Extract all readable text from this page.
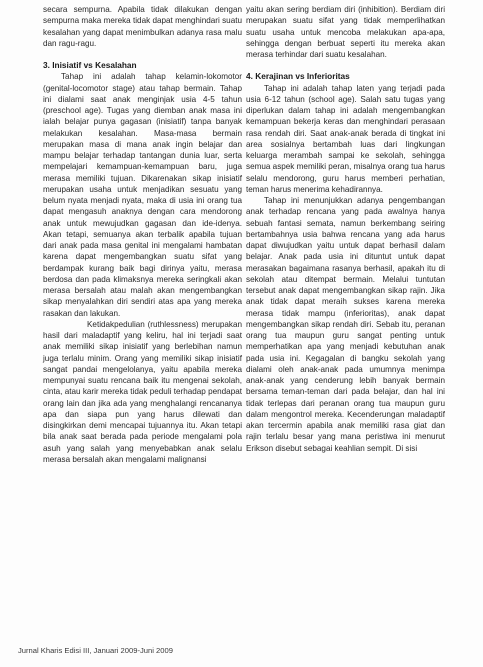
secara sempurna. Apabila tidak dilakukan dengan sempurna maka mereka tidak dapat menghindari suatu kesalahan yang dapat menimbulkan adanya rasa malu dan ragu-ragu.

3. Inisiatif vs Kesalahan

Tahap ini adalah tahap kelamin-lokomotor (genital-locomotor stage) atau tahap bermain. Tahap ini dialami saat anak menginjak usia 4-5 tahun (preschool age). Tugas yang diemban anak masa ini ialah belajar punya gagasan (inisiatif) tanpa banyak melakukan kesalahan. Masa-masa bermain merupakan masa di mana anak ingin belajar dan mampu belajar terhadap tantangan dunia luar, serta mempelajari kemampuan-kemampuan baru, juga merasa memiliki tujuan. Dikarenakan sikap inisiatif merupakan usaha untuk menjadikan sesuatu yang belum nyata menjadi nyata, maka di usia ini orang tua dapat mengasuh anaknya dengan cara mendorong anak untuk mewujudkan gagasan dan ide-idenya. Akan tetapi, semuanya akan terbalik apabila tujuan dari anak pada masa genital ini mengalami hambatan karena dapat mengembangkan suatu sifat yang berdampak kurang baik bagi dirinya yaitu, merasa berdosa dan pada klimaksnya mereka seringkali akan merasa bersalah atau malah akan mengembangkan sikap menyalahkan diri sendiri atas apa yang mereka rasakan dan lakukan.

Ketidakpedulian (ruthlessness) merupakan hasil dari maladaptif yang keliru, hal ini terjadi saat anak memiliki sikap inisiatif yang berlebihan namun juga terlalu minim. Orang yang memiliki sikap inisiatif sangat pandai mengelolanya, yaitu apabila mereka mempunyai suatu rencana baik itu mengenai sekolah, cinta, atau karir mereka tidak peduli terhadap pendapat orang lain dan jika ada yang menghalangi rencananya apa dan siapa pun yang harus dilewati dan disingkirkan demi mencapai tujuannya itu. Akan tetapi bila anak saat berada pada periode mengalami pola asuh yang salah yang menyebabkan anak selalu merasa bersalah akan mengalami malignansi

yaitu akan sering berdiam diri (inhibition). Berdiam diri merupakan suatu sifat yang tidak memperlihatkan suatu usaha untuk mencoba melakukan apa-apa, sehingga dengan berbuat seperti itu mereka akan merasa terhindar dari suatu kesalahan.

4. Kerajinan vs Inferioritas

Tahap ini adalah tahap laten yang terjadi pada usia 6-12 tahun (school age). Salah satu tugas yang diperlukan dalam tahap ini adalah mengembangkan kemampuan bekerja keras dan menghindari perasaan rasa rendah diri. Saat anak-anak berada di tingkat ini area sosialnya bertambah luas dari lingkungan keluarga merambah sampai ke sekolah, sehingga semua aspek memiliki peran, misalnya orang tua harus selalu mendorong, guru harus memberi perhatian, teman harus menerima kehadirannya.

Tahap ini menunjukkan adanya pengembangan anak terhadap rencana yang pada awalnya hanya sebuah fantasi semata, namun berkembang seiring bertambahnya usia bahwa rencana yang ada harus dapat diwujudkan yaitu untuk dapat berhasil dalam belajar. Anak pada usia ini dituntut untuk dapat merasakan bagaimana rasanya berhasil, apakah itu di sekolah atau ditempat bermain. Melalui tuntutan tersebut anak dapat mengembangkan sikap rajin. Jika anak tidak dapat meraih sukses karena mereka merasa tidak mampu (inferioritas), anak dapat mengembangkan sikap rendah diri. Sebab itu, peranan orang tua maupun guru sangat penting untuk memperhatikan apa yang menjadi kebutuhan anak pada usia ini. Kegagalan di bangku sekolah yang dialami oleh anak-anak pada umumnya menimpa anak-anak yang cenderung lebih banyak bermain bersama teman-teman dari pada belajar, dan hal ini tidak terlepas dari peranan orang tua maupun guru dalam mengontrol mereka. Kecenderungan maladaptif akan tercermin apabila anak memiliki rasa giat dan rajin terlalu besar yang mana peristiwa ini menurut Erikson disebut sebagai keahlian sempit. Di sisi

Jurnal Kharis Edisi III, Januari 2009-Juni 2009
